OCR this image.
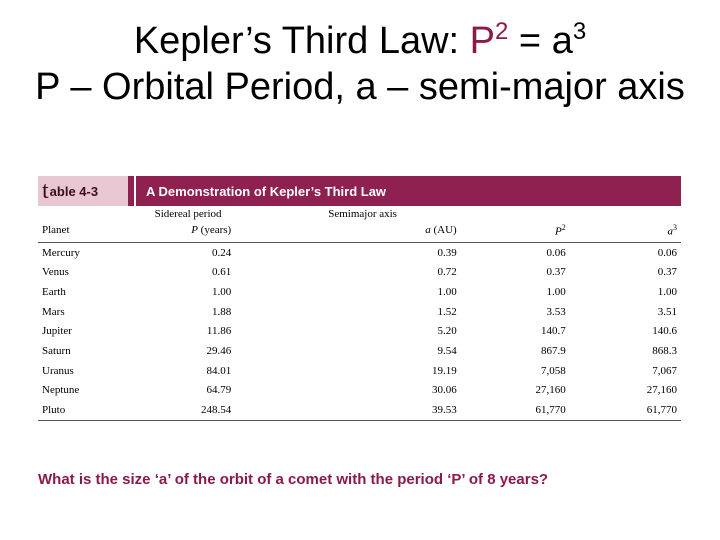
Kepler’s Third Law: $P^2 = a^3$
P – Orbital Period, a – semi-major axis
t able 4-3	A Demonstration of Kepler’s Third Law
	Sidereal period	Semimajor axis		
Planet	P (years)	a (AU)	$P^2$	$a^3$
Mercury	0.24	0.39	0.06	0.06
Venus	0.61	0.72	0.37	0.37
Earth	1.00	1.00	1.00	1.00
Mars	1.88	1.52	3.53	3.51
Jupiter	11.86	5.20	140.7	140.6
Saturn	29.46	9.54	867.9	868.3
Uranus	84.01	19.19	7,058	7,067
Neptune	64.79	30.06	27,160	27,160
Pluto	248.54	39.53	61,770	61,770
What is the size ‘a’ of the orbit of a comet with the period ‘P’ of 8 years?
